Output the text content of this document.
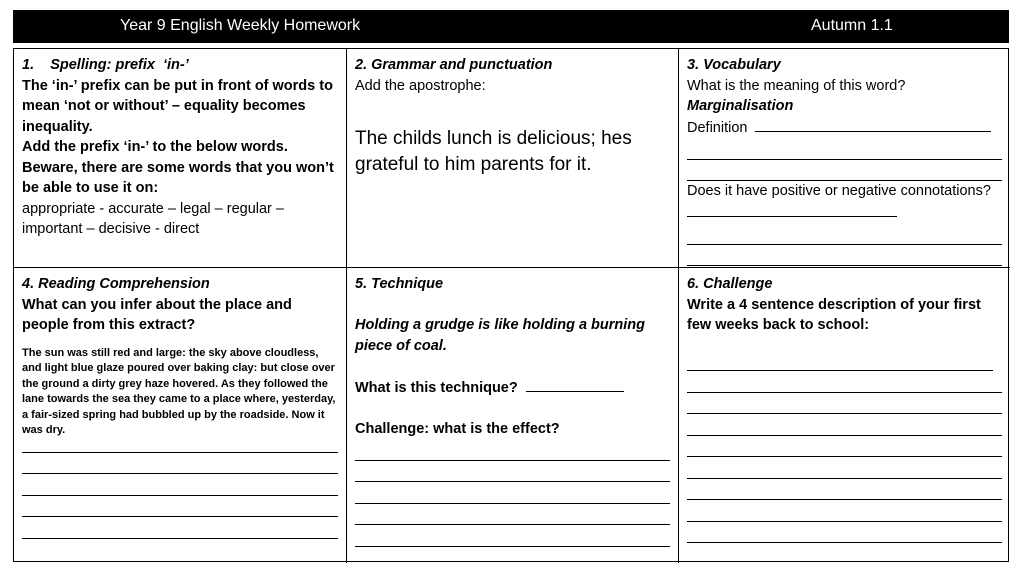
Year 9 English Weekly Homework	Autumn 1.1
1.    Spelling: prefix  ‘in-’
The ‘in-’ prefix can be put in front of words to mean ‘not or without’ – equality becomes inequality.
Add the prefix ‘in-’ to the below words. Beware, there are some words that you won’t be able to use it on:
appropriate - accurate – legal – regular – important – decisive - direct
2. Grammar and punctuation
Add the apostrophe:
The childs lunch is delicious; hes grateful to him parents for it.
3. Vocabulary
What is the meaning of this word?
Marginalisation
Definition
Does it have positive or negative connotations?
4. Reading Comprehension
What can you infer about the place and people from this extract?
The sun was still red and large: the sky above cloudless, and light blue glaze poured over baking clay: but close over the ground a dirty grey haze hovered. As they followed the lane towards the sea they came to a place where, yesterday, a fair-sized spring had bubbled up by the roadside. Now it was dry.
5. Technique
Holding a grudge is like holding a burning piece of coal.
What is this technique?
Challenge: what is the effect?
6. Challenge
Write a 4 sentence description of your first few weeks back to school:
